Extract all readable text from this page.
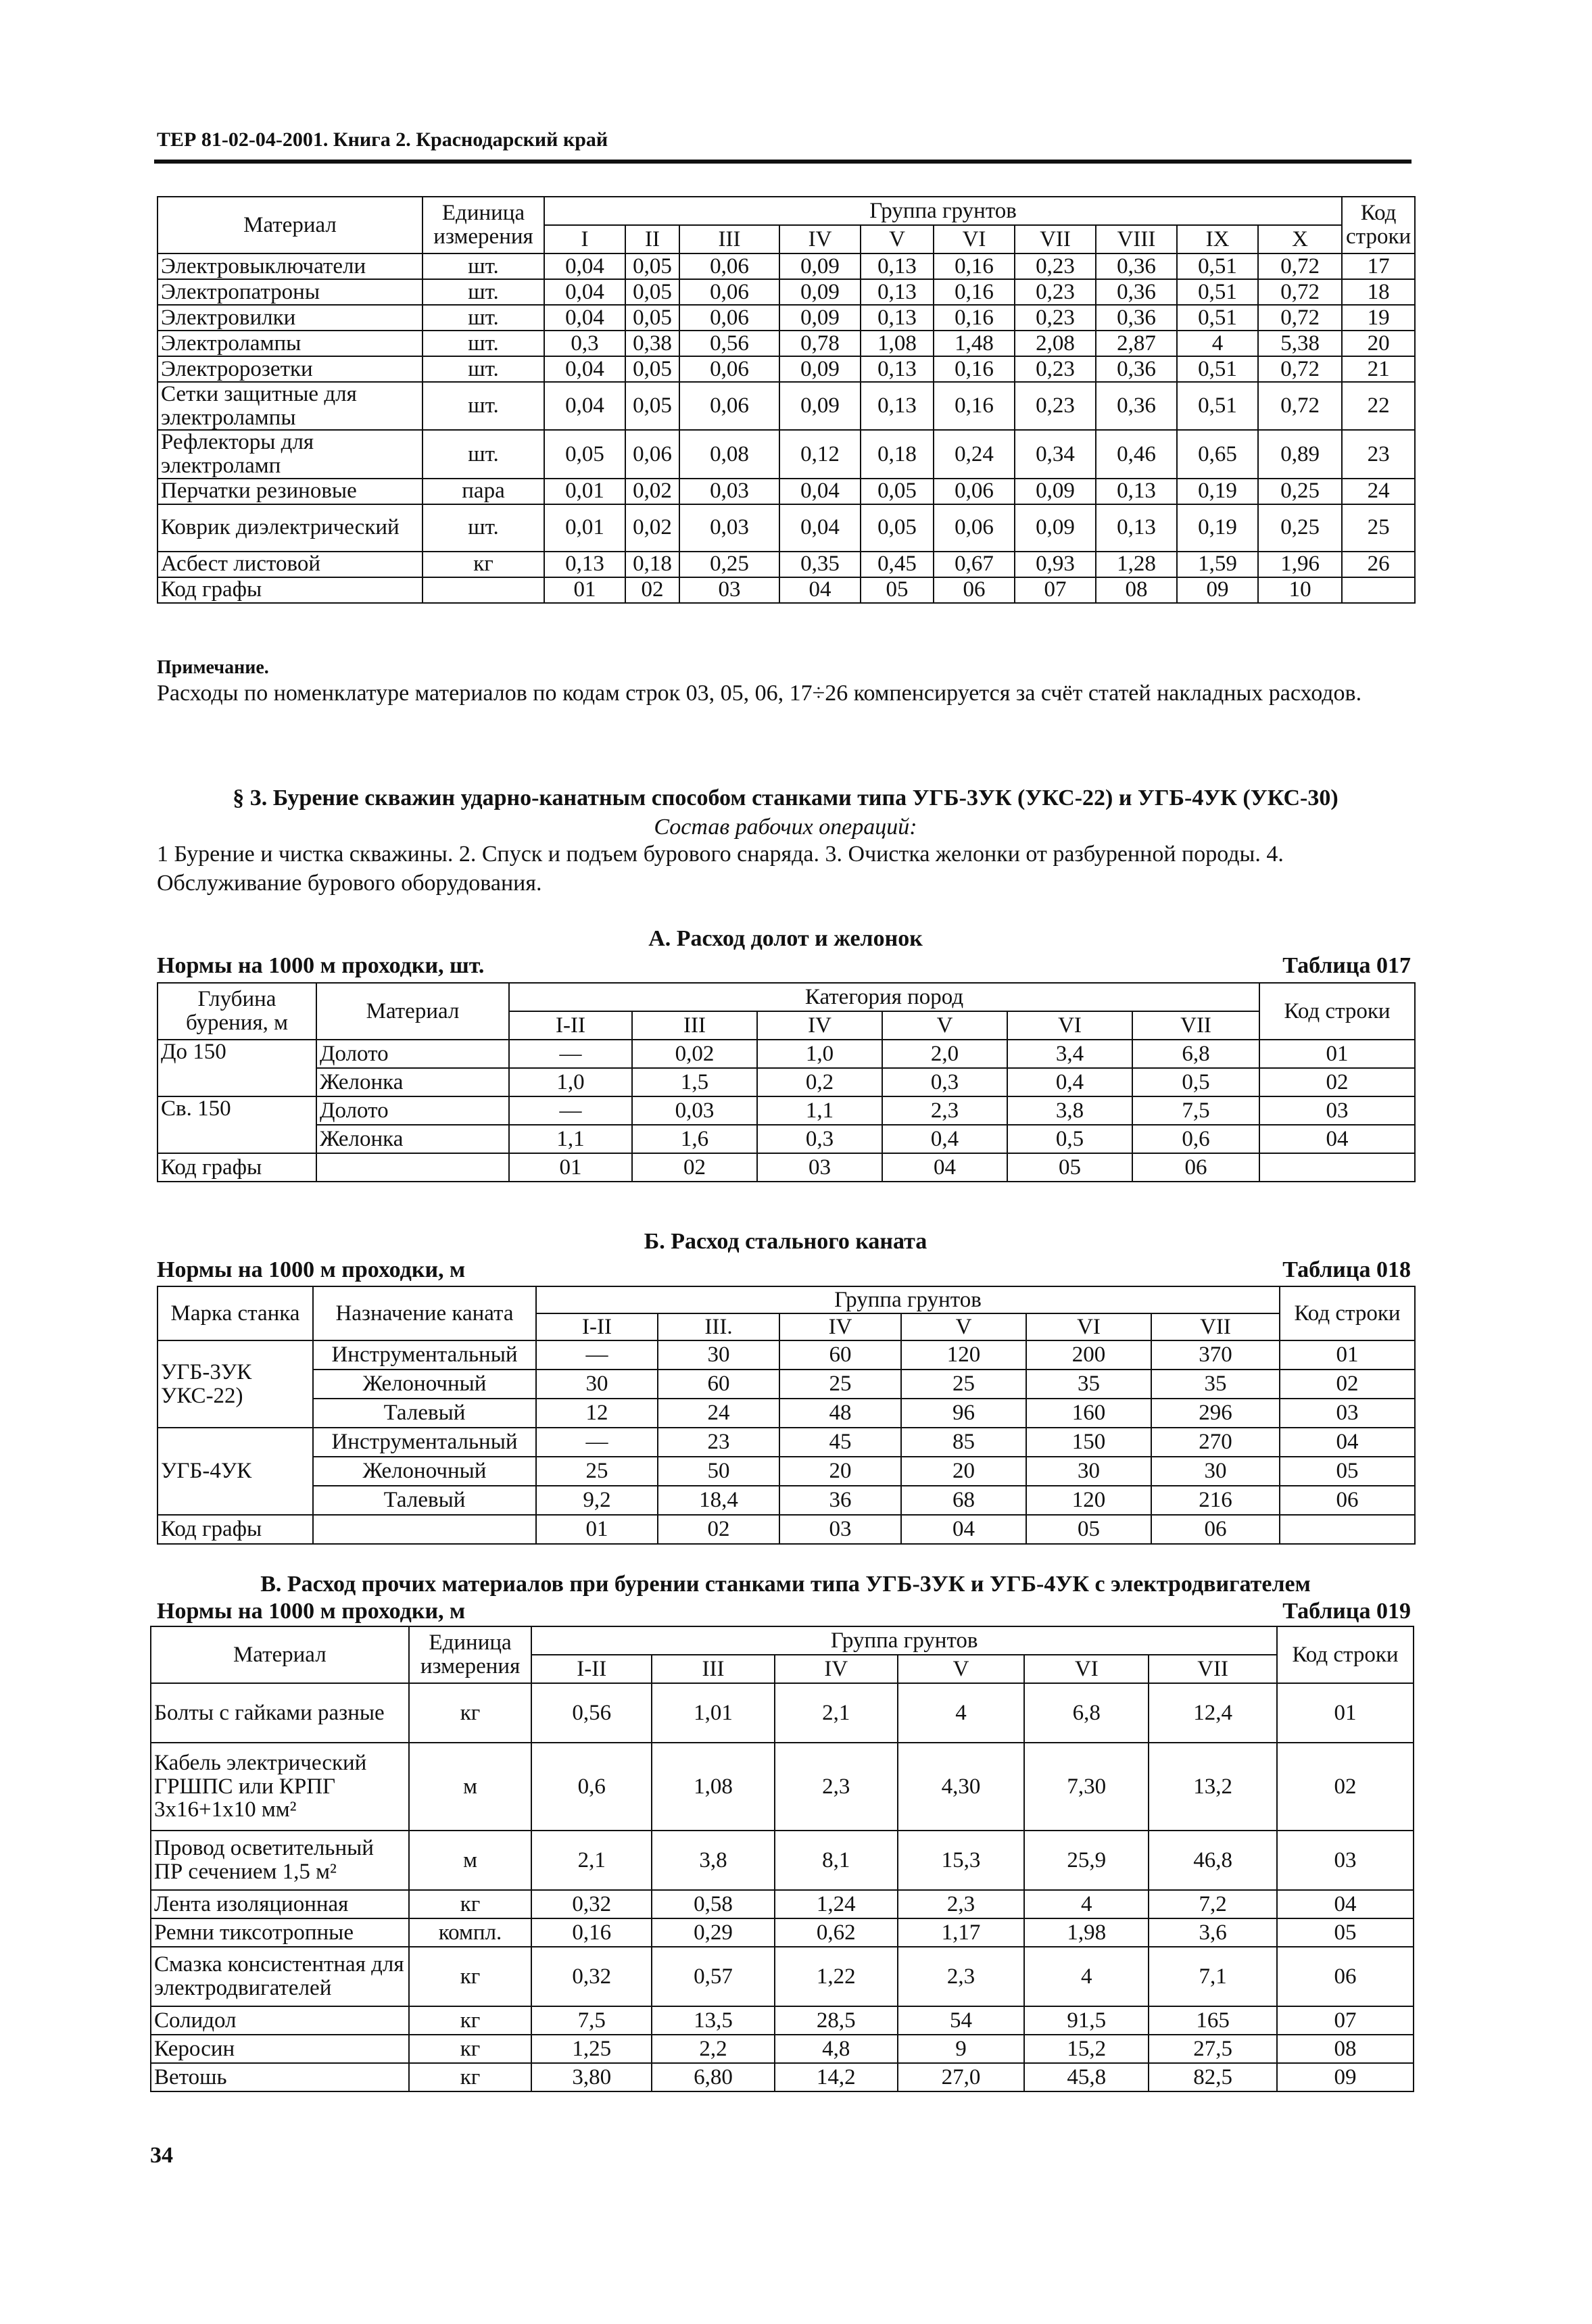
ТЕР 81-02-04-2001. Книга 2. Краснодарский край
Материал	Единица измерения	Группа грунтов										Код строки
		I	II	III	IV	V	VI	VII	VIII	IX	X	
Электровыключатели	шт.	0,04	0,05	0,06	0,09	0,13	0,16	0,23	0,36	0,51	0,72	17
Электропатроны	шт.	0,04	0,05	0,06	0,09	0,13	0,16	0,23	0,36	0,51	0,72	18
Электровилки	шт.	0,04	0,05	0,06	0,09	0,13	0,16	0,23	0,36	0,51	0,72	19
Электролампы	шт.	0,3	0,38	0,56	0,78	1,08	1,48	2,08	2,87	4	5,38	20
Электророзетки	шт.	0,04	0,05	0,06	0,09	0,13	0,16	0,23	0,36	0,51	0,72	21
Сетки защитные для электролампы	шт.	0,04	0,05	0,06	0,09	0,13	0,16	0,23	0,36	0,51	0,72	22
Рефлекторы для электроламп	шт.	0,05	0,06	0,08	0,12	0,18	0,24	0,34	0,46	0,65	0,89	23
Перчатки резиновые	пара	0,01	0,02	0,03	0,04	0,05	0,06	0,09	0,13	0,19	0,25	24
Коврик диэлектрический	шт.	0,01	0,02	0,03	0,04	0,05	0,06	0,09	0,13	0,19	0,25	25
Асбест листовой	кг	0,13	0,18	0,25	0,35	0,45	0,67	0,93	1,28	1,59	1,96	26
Код графы		01	02	03	04	05	06	07	08	09	10	
Примечание.
Расходы по номенклатуре материалов по кодам строк 03, 05, 06, 17÷26 компенсируется за счёт статей накладных расходов.
§ 3. Бурение скважин ударно-канатным способом станками типа УГБ-3УК (УКС-22) и УГБ-4УК (УКС-30)
Состав рабочих операций:
1 Бурение и чистка скважины. 2. Спуск и подъем бурового снаряда. 3. Очистка желонки от разбуренной породы. 4. Обслуживание бурового оборудования.
А. Расход долот и желонок
Нормы на 1000 м проходки, шт.	Таблица 017
Глубина бурения, м	Материал	Категория пород						Код строки
		I-II	III	IV	V	VI	VII	
До 150	Долото	—	0,02	1,0	2,0	3,4	6,8	01
	Желонка	1,0	1,5	0,2	0,3	0,4	0,5	02
Св. 150	Долото	—	0,03	1,1	2,3	3,8	7,5	03
	Желонка	1,1	1,6	0,3	0,4	0,5	0,6	04
Код графы		01	02	03	04	05	06	
Б. Расход стального каната
Нормы на 1000 м проходки, м	Таблица 018
Марка станка	Назначение каната	Группа грунтов						Код строки
		I-II	III.	IV	V	VI	VII	
УГБ-3УК УКС-22)	Инструментальный	—	30	60	120	200	370	01
	Желоночный	30	60	25	25	35	35	02
	Талевый	12	24	48	96	160	296	03
УГБ-4УК	Инструментальный	—	23	45	85	150	270	04
	Желоночный	25	50	20	20	30	30	05
	Талевый	9,2	18,4	36	68	120	216	06
Код графы		01	02	03	04	05	06	
В. Расход прочих материалов при бурении станками типа УГБ-3УК и УГБ-4УК с электродвигателем
Нормы на 1000 м проходки, м	Таблица 019
Материал	Единица измерения	Группа грунтов						Код строки
		I-II	III	IV	V	VI	VII	
Болты с гайками разные	кг	0,56	1,01	2,1	4	6,8	12,4	01
Кабель электрический ГРШПС или КРПГ 3х16+1х10 мм²	м	0,6	1,08	2,3	4,30	7,30	13,2	02
Провод осветительный ПР сечением 1,5 м²	м	2,1	3,8	8,1	15,3	25,9	46,8	03
Лента изоляционная	кг	0,32	0,58	1,24	2,3	4	7,2	04
Ремни тиксотропные	компл.	0,16	0,29	0,62	1,17	1,98	3,6	05
Смазка консистентная для электродвигателей	кг	0,32	0,57	1,22	2,3	4	7,1	06
Солидол	кг	7,5	13,5	28,5	54	91,5	165	07
Керосин	кг	1,25	2,2	4,8	9	15,2	27,5	08
Ветошь	кг	3,80	6,80	14,2	27,0	45,8	82,5	09
34
